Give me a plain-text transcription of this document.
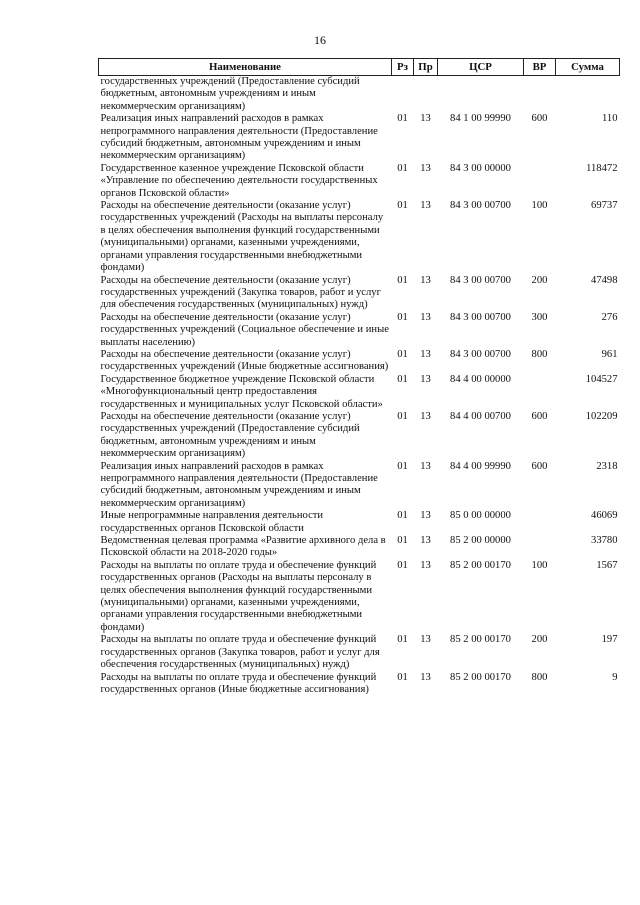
16
Наименование	Рз	Пр	ЦСР	ВР	Сумма
государственных учреждений (Предоставление субсидий бюджетным, автономным учреждениям и иным некоммерческим организациям)					
Реализация иных направлений расходов в рамках непрограммного направления деятельности (Предоставление субсидий бюджетным, автономным учреждениям и иным некоммерческим организациям)	01	13	84 1 00 99990	600	110
Государственное казенное учреждение Псковской области «Управление по обеспечению деятельности государственных органов Псковской области»	01	13	84 3 00 00000		118472
Расходы на обеспечение деятельности (оказание услуг) государственных учреждений (Расходы на выплаты персоналу в целях обеспечения выполнения функций государственными (муниципальными) органами, казенными учреждениями, органами управления государственными внебюджетными фондами)	01	13	84 3 00 00700	100	69737
Расходы на обеспечение деятельности (оказание услуг) государственных учреждений (Закупка товаров, работ и услуг для обеспечения государственных (муниципальных) нужд)	01	13	84 3 00 00700	200	47498
Расходы на обеспечение деятельности (оказание услуг) государственных учреждений (Социальное обеспечение и иные выплаты населению)	01	13	84 3 00 00700	300	276
Расходы на обеспечение деятельности (оказание услуг) государственных учреждений (Иные бюджетные ассигнования)	01	13	84 3 00 00700	800	961
Государственное бюджетное учреждение Псковской области «Многофункциональный центр предоставления государственных и муниципальных услуг Псковской области»	01	13	84 4 00 00000		104527
Расходы на обеспечение деятельности (оказание услуг) государственных учреждений (Предоставление субсидий бюджетным, автономным учреждениям и иным некоммерческим организациям)	01	13	84 4 00 00700	600	102209
Реализация иных направлений расходов в рамках непрограммного направления деятельности (Предоставление субсидий бюджетным, автономным учреждениям и иным некоммерческим организациям)	01	13	84 4 00 99990	600	2318
Иные непрограммные направления деятельности государственных органов Псковской области	01	13	85 0 00 00000		46069
Ведомственная целевая программа «Развитие архивного дела в Псковской области на 2018-2020 годы»	01	13	85 2 00 00000		33780
Расходы на выплаты по оплате труда и обеспечение функций государственных органов (Расходы на выплаты персоналу в целях обеспечения выполнения функций государственными (муниципальными) органами, казенными учреждениями, органами управления государственными внебюджетными фондами)	01	13	85 2 00 00170	100	1567
Расходы на выплаты по оплате труда и обеспечение функций государственных органов (Закупка товаров, работ и услуг для обеспечения государственных (муниципальных) нужд)	01	13	85 2 00 00170	200	197
Расходы на выплаты по оплате труда и обеспечение функций государственных органов (Иные бюджетные ассигнования)	01	13	85 2 00 00170	800	9
